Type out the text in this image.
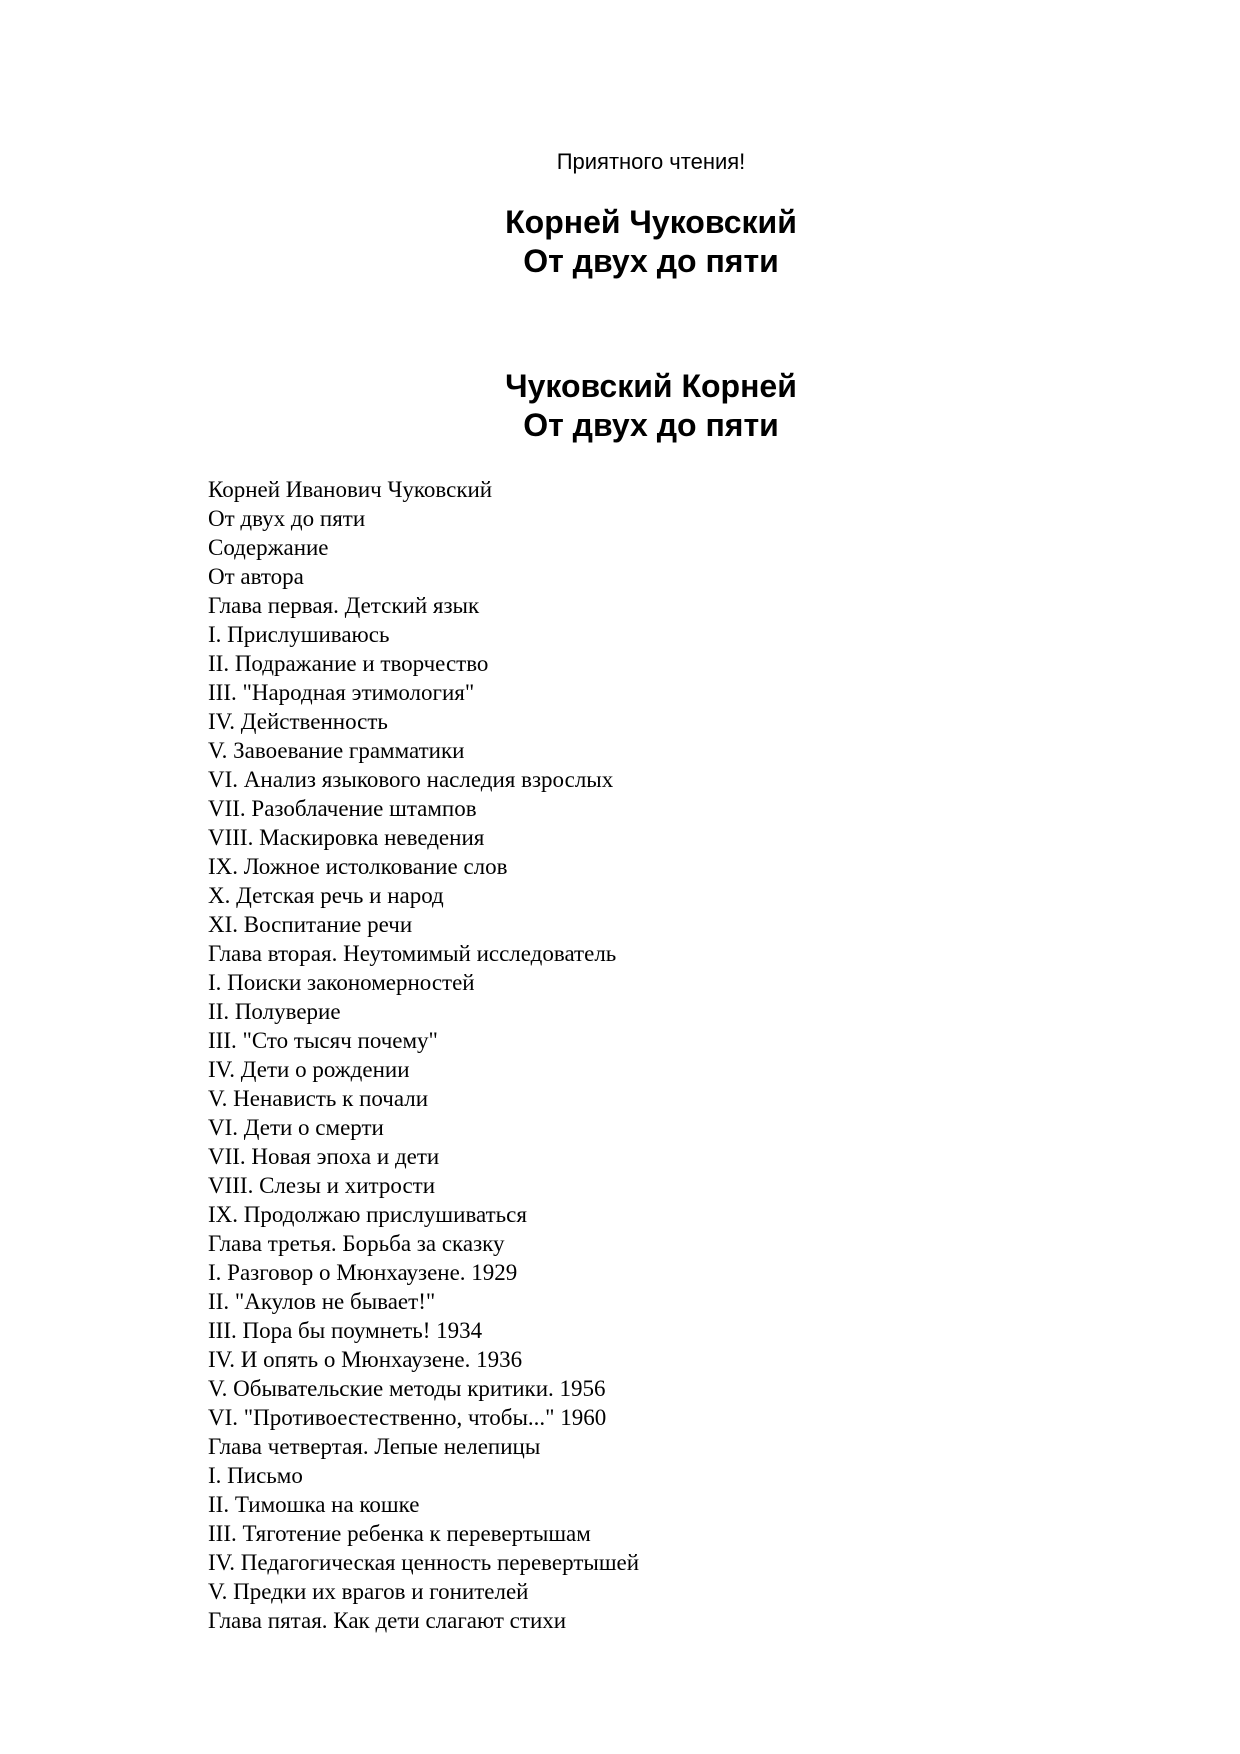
Приятного чтения!

Корней Чуковский
От двух до пяти
Чуковский Корней
От двух до пяти
Корней Иванович Чуковский
От двух до пяти
Содержание
От автора
Глава первая. Детский язык
I. Прислушиваюсь
II. Подражание и творчество
III. "Народная этимология"
IV. Действенность
V. Завоевание грамматики
VI. Анализ языкового наследия взрослых
VII. Разоблачение штампов
VIII. Маскировка неведения
IX. Ложное истолкование слов
X. Детская речь и народ
XI. Воспитание речи
Глава вторая. Неутомимый исследователь
I. Поиски закономерностей
II. Полуверие
III. "Сто тысяч почему"
IV. Дети о рождении
V. Ненависть к почали
VI. Дети о смерти
VII. Новая эпоха и дети
VIII. Слезы и хитрости
IX. Продолжаю прислушиваться
Глава третья. Борьба за сказку
I. Разговор о Мюнхаузене. 1929
II. "Акулов не бывает!"
III. Пора бы поумнеть! 1934
IV. И опять о Мюнхаузене. 1936
V. Обывательские методы критики. 1956
VI. "Противоестественно, чтобы..." 1960
Глава четвертая. Лепые нелепицы
I. Письмо
II. Тимошка на кошке
III. Тяготение ребенка к перевертышам
IV. Педагогическая ценность перевертышей
V. Предки их врагов и гонителей
Глава пятая. Как дети слагают стихи
